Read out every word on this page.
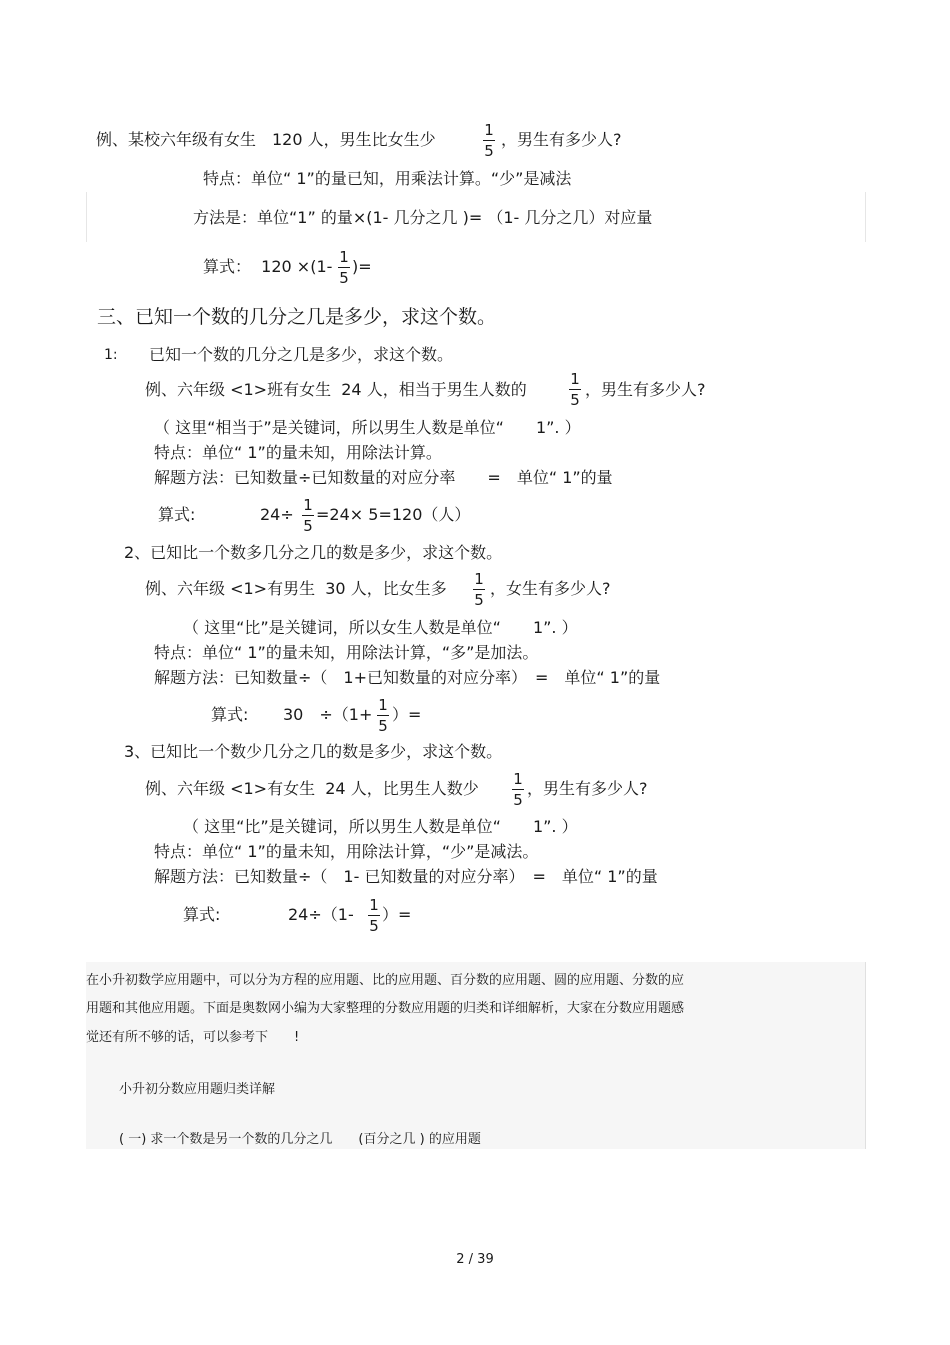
例、某校六年级有女生　120 人，男生比女生少	1
5
，男生有多少人?
特点：单位“ 1”的量已知，用乘法计算。“少”是减法
方法是：单位“1” 的量×(1- 几分之几 )= （1- 几分之几）对应量
算式：  120 ×(1- 1
5
)=
三、已知一个数的几分之几是多少，求这个数。
1: 已知一个数的几分之几是多少，求这个数。
例、六年级 <1>班有女生  24 人，相当于男生人数的
1
5
，男生有多少人?
（ 这里“相当于”是关键词，所以男生人数是单位“　　1”. ）
特点：单位“ 1”的量未知，用除法计算。
解题方法：已知数量÷已知数量的对应分率　　=　单位“ 1”的量
算式:	24÷ 1
5
=24× 5=120（人）
2、已知比一个数多几分之几的数是多少，求这个数。
例、六年级 <1>有男生  30 人，比女生多 1
5
，女生有多少人?
（ 这里“比”是关键词，所以女生人数是单位“　　1”. ）
特点：单位“ 1”的量未知，用除法计算，“多”是加法。
解题方法：已知数量÷（　1+已知数量的对应分率）　=　单位“ 1”的量
算式: 30　÷（1+ 1
5
）=
3、已知比一个数少几分之几的数是多少，求这个数。
例、六年级 <1>有女生  24 人，比男生人数少 1
5
，男生有多少人?
（ 这里“比”是关键词，所以男生人数是单位“　　1”. ）
特点：单位“ 1”的量未知，用除法计算，“少”是减法。
解题方法：已知数量÷（　1- 已知数量的对应分率）　=　单位“ 1”的量
算式:	24÷（1- 1
5
）=
在小升初数学应用题中，可以分为方程的应用题、比的应用题、百分数的应用题、圆的应用题、分数的应
用题和其他应用题。下面是奥数网小编为大家整理的分数应用题的归类和详细解析，大家在分数应用题感
觉还有所不够的话，可以参考下　　!
小升初分数应用题归类详解
( 一) 求一个数是另一个数的几分之几　　(百分之几 ) 的应用题
2 / 39
